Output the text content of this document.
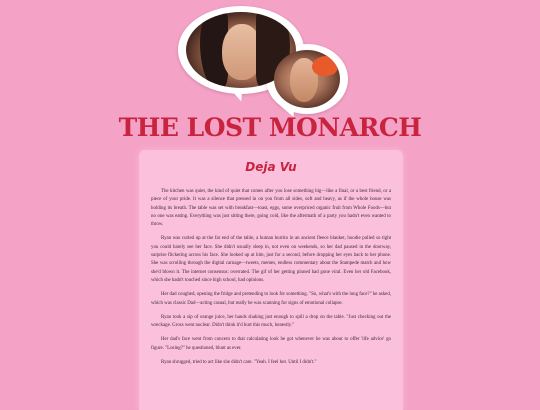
THE LOST MONARCH
Deja Vu

The kitchen was quiet, the kind of quiet that comes after you lose something big—like a final, or a best friend, or a piece of your pride. It was a silence that pressed in on you from all sides, soft and heavy, as if the whole house was holding its breath. The table was set with breakfast—toast, eggs, some overpriced organic fruit from Whole Foods—but no one was eating. Everything was just sitting there, going cold, like the aftermath of a party you hadn't even wanted to throw.

Ryan was curled up at the far end of the table, a human burrito in an ancient fleece blanket, hoodie pulled so tight you could barely see her face. She didn't usually sleep in, not even on weekends, so her dad paused in the doorway, surprise flickering across his face. She looked up at him, just for a second, before dropping her eyes back to her phone. She was scrolling through the digital carnage—tweets, memes, endless commentary about the Stampede match and how she'd blown it. The internet consensus: overrated. The gif of her getting pinned had gone viral. Even her old Facebook, which she hadn't touched since high school, had opinions.

Her dad coughed, opening the fridge and pretending to look for something. "So, what's with the long face?" he asked, which was classic Dad—acting casual, but really he was scanning for signs of emotional collapse.

Ryan took a sip of orange juice, her hands shaking just enough to spill a drop on the table. "Just checking out the wreckage. Gross went nuclear. Didn't think it'd hurt this much, honestly."

Her dad's face went from concern to that calculating look he got whenever he was about to offer 'life advice' go figure. "Losing?" he questioned, blunt as ever.

Ryan shrugged, tried to act like she didn't care. "Yeah. I feel hot. Until I didn't."
